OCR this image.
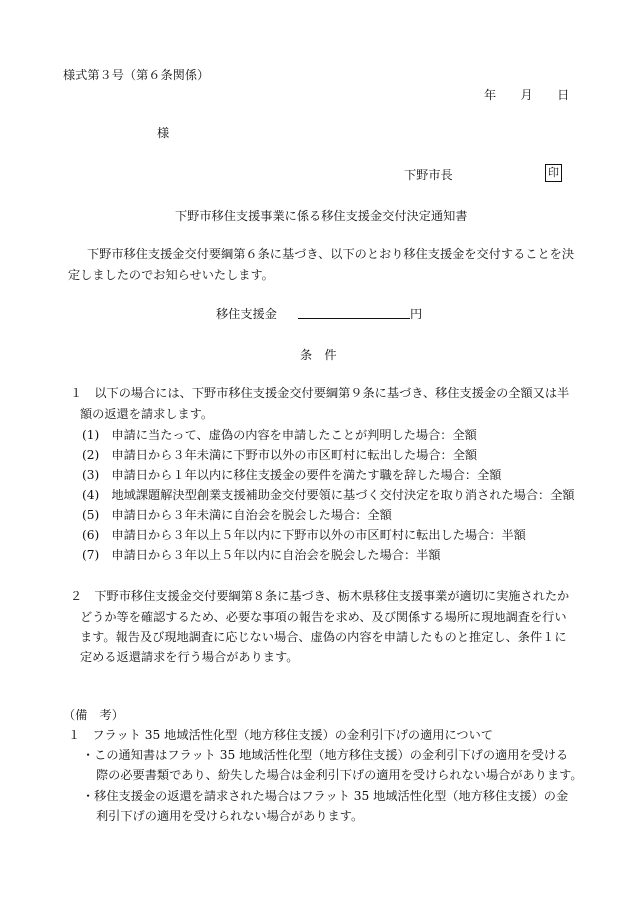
様式第３号（第６条関係）
年　　月　　日
様
下野市長	印
下野市移住支援事業に係る移住支援金交付決定通知書
下野市移住支援金交付要綱第６条に基づき、以下のとおり移住支援金を交付することを決
定しましたのでお知らせいたします。
移住支援金	円
条　件
１　以下の場合には、下野市移住支援金交付要綱第９条に基づき、移住支援金の全額又は半
額の返還を請求します。
(1)　申請に当たって、虚偽の内容を申請したことが判明した場合：全額
(2)　申請日から３年未満に下野市以外の市区町村に転出した場合：全額
(3)　申請日から１年以内に移住支援金の要件を満たす職を辞した場合：全額
(4)　地域課題解決型創業支援補助金交付要領に基づく交付決定を取り消された場合：全額
(5)　申請日から３年未満に自治会を脱会した場合：全額
(6)　申請日から３年以上５年以内に下野市以外の市区町村に転出した場合：半額
(7)　申請日から３年以上５年以内に自治会を脱会した場合：半額
２　下野市移住支援金交付要綱第８条に基づき、栃木県移住支援事業が適切に実施されたか
どうか等を確認するため、必要な事項の報告を求め、及び関係する場所に現地調査を行い
ます。報告及び現地調査に応じない場合、虚偽の内容を申請したものと推定し、条件１に
定める返還請求を行う場合があります。
（備　考）
１　フラット 35 地域活性化型（地方移住支援）の金利引下げの適用について
・この通知書はフラット 35 地域活性化型（地方移住支援）の金利引下げの適用を受ける
際の必要書類であり、紛失した場合は金利引下げの適用を受けられない場合があります。
・移住支援金の返還を請求された場合はフラット 35 地域活性化型（地方移住支援）の金
利引下げの適用を受けられない場合があります。
